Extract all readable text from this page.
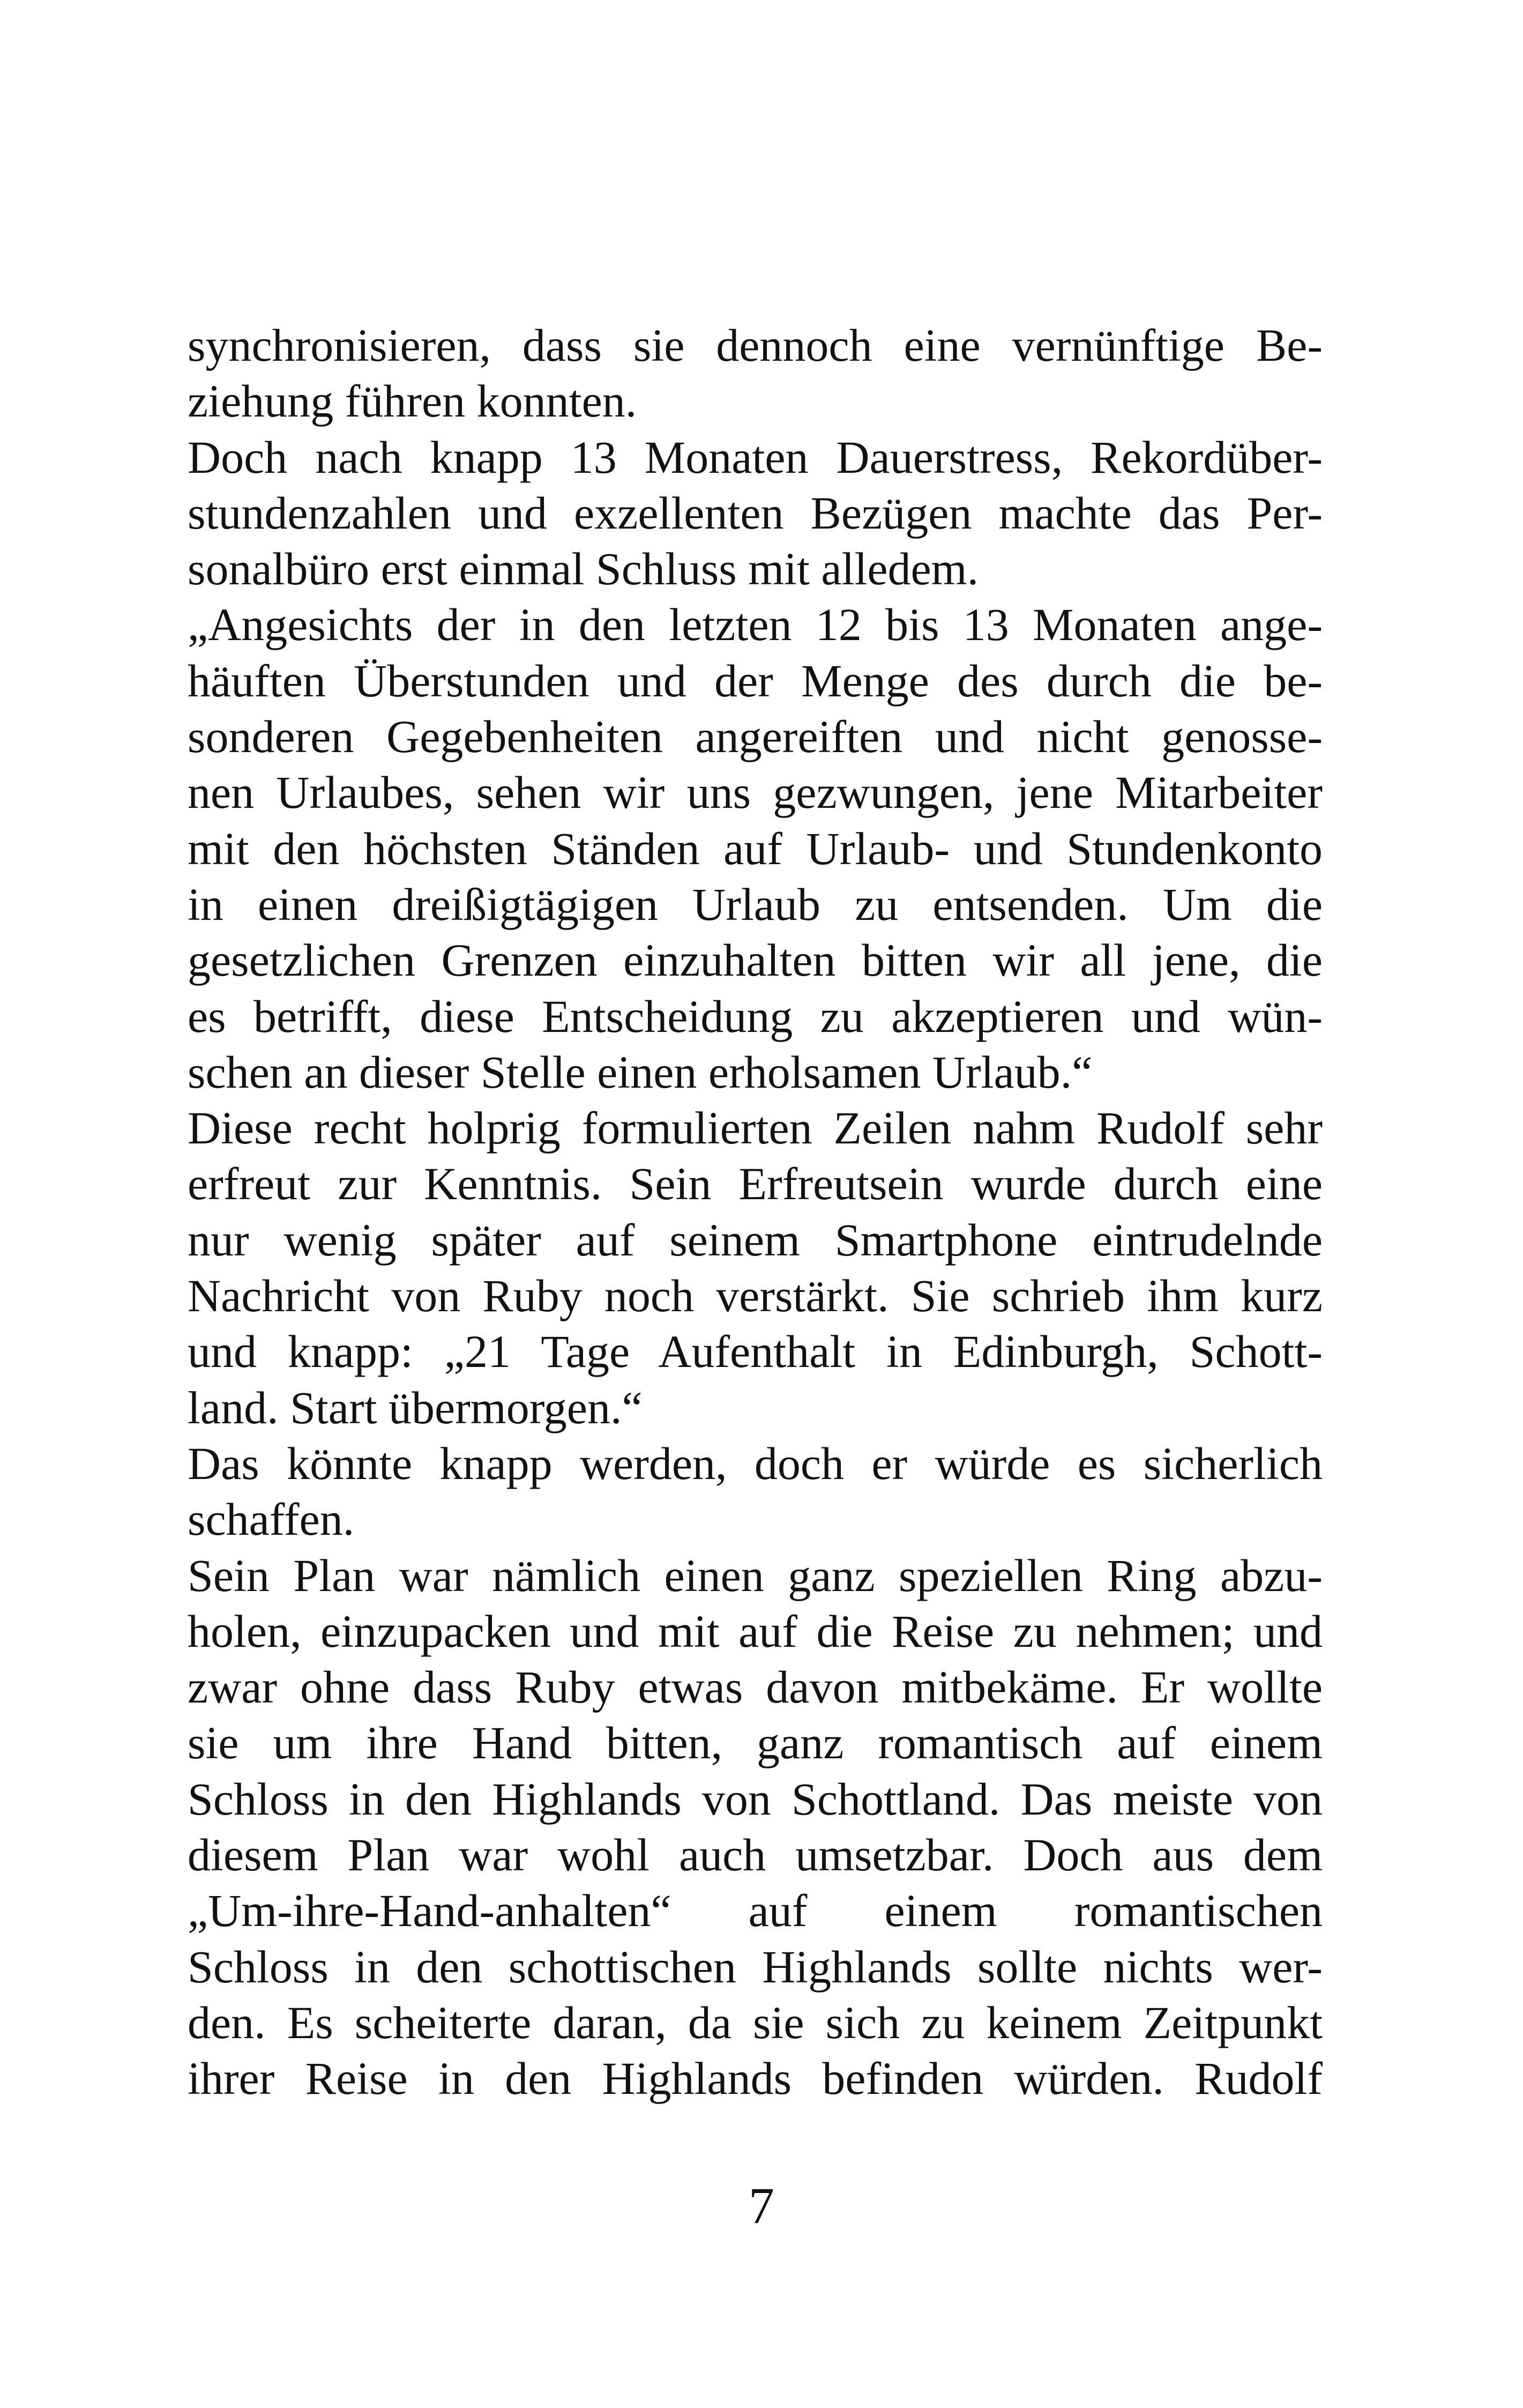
synchronisieren, dass sie dennoch eine vernünftige Be-
ziehung führen konnten.
Doch nach knapp 13 Monaten Dauerstress, Rekordüber-
stundenzahlen und exzellenten Bezügen machte das Per-
sonalbüro erst einmal Schluss mit alledem.
„Angesichts der in den letzten 12 bis 13 Monaten ange-
häuften Überstunden und der Menge des durch die be-
sonderen Gegebenheiten angereiften und nicht genosse-
nen Urlaubes, sehen wir uns gezwungen, jene Mitarbeiter
mit den höchsten Ständen auf Urlaub- und Stundenkonto
in einen dreißigtägigen Urlaub zu entsenden. Um die
gesetzlichen Grenzen einzuhalten bitten wir all jene, die
es betrifft, diese Entscheidung zu akzeptieren und wün-
schen an dieser Stelle einen erholsamen Urlaub.“
Diese recht holprig formulierten Zeilen nahm Rudolf sehr
erfreut zur Kenntnis. Sein Erfreutsein wurde durch eine
nur wenig später auf seinem Smartphone eintrudelnde
Nachricht von Ruby noch verstärkt. Sie schrieb ihm kurz
und knapp: „21 Tage Aufenthalt in Edinburgh, Schott-
land. Start übermorgen.“
Das könnte knapp werden, doch er würde es sicherlich
schaffen.
Sein Plan war nämlich einen ganz speziellen Ring abzu-
holen, einzupacken und mit auf die Reise zu nehmen; und
zwar ohne dass Ruby etwas davon mitbekäme. Er wollte
sie um ihre Hand bitten, ganz romantisch auf einem
Schloss in den Highlands von Schottland. Das meiste von
diesem Plan war wohl auch umsetzbar. Doch aus dem
„Um-ihre-Hand-anhalten“ auf einem romantischen
Schloss in den schottischen Highlands sollte nichts wer-
den. Es scheiterte daran, da sie sich zu keinem Zeitpunkt
ihrer Reise in den Highlands befinden würden. Rudolf
7
